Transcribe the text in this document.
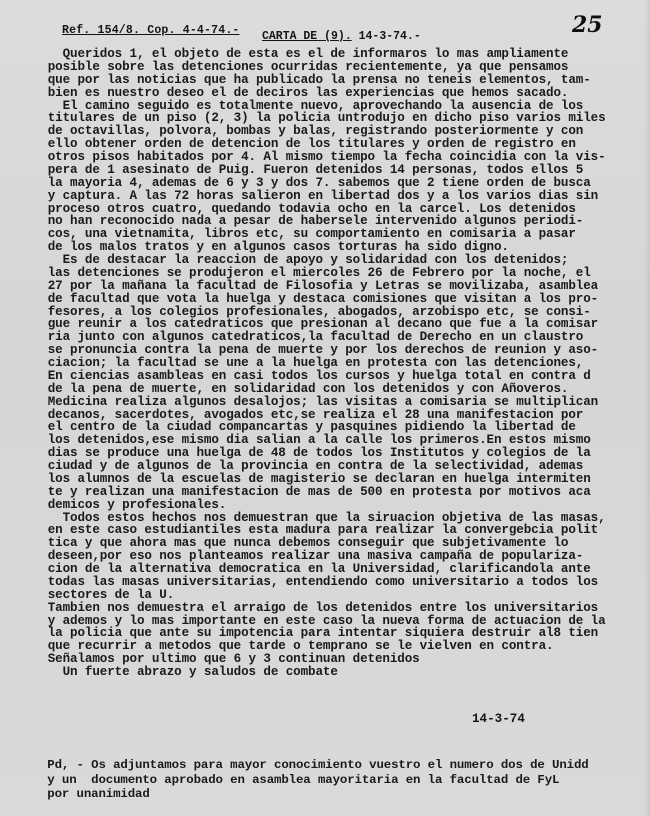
Ref. 154/8. Cop. 4-4-74.- CARTA DE (9). 14-3-74.-	25
Queridos 1, el objeto de esta es el de informaros lo mas ampliamente
posible sobre las detenciones ocurridas recientemente, ya que pensamos
que por las noticias que ha publicado la prensa no teneis elementos, tam-
bien es nuestro deseo el de deciros las experiencias que hemos sacado.
El camino seguido es totalmente nuevo, aprovechando la ausencia de los
titulares de un piso (2, 3) la policia untrodujo en dicho piso varios miles
de octavillas, polvora, bombas y balas, registrando posteriormente y con
ello obtener orden de detencion de los titulares y orden de registro en
otros pisos habitados por 4. Al mismo tiempo la fecha coincidia con la vis-
pera de 1 asesinato de Puig. Fueron detenidos 14 personas, todos ellos 5
la mayoria 4, ademas de 6 y 3 y dos 7. sabemos que 2 tiene orden de busca
y captura. A las 72 horas salieron en libertad dos y a los varios dias sin
proceso otros cuatro, quedando todavia ocho en la carcel. Los detenidos
no han reconocido nada a pesar de habersele intervenido algunos periodi-
cos, una vietnamita, libros etc, su comportamiento en comisaria a pasar
de los malos tratos y en algunos casos torturas ha sido digno.
Es de destacar la reaccion de apoyo y solidaridad con los detenidos;
las detenciones se produjeron el miercoles 26 de Febrero por la noche, el
27 por la mañana la facultad de Filosofia y Letras se movilizaba, asamblea
de facultad que vota la huelga y destaca comisiones que visitan a los pro-
fesores, a los colegios profesionales, abogados, arzobispo etc, se consi-
gue reunir a los catedraticos que presionan al decano que fue a la comisar
ria junto con algunos catedraticos,la facultad de Derecho en un claustro
se pronuncia contra la pena de muerte y por los derechos de reunion y aso-
ciacion; la facultad se une a la huelga en protesta con las detenciones,
En ciencias asambleas en casi todos los cursos y huelga total en contra d
de la pena de muerte, en solidaridad con los detenidos y con Añoveros.
Medicina realiza algunos desalojos; las visitas a comisaria se multiplican
decanos, sacerdotes, avogados etc,se realiza el 28 una manifestacion por
el centro de la ciudad compancartas y pasquines pidiendo la libertad de
los detenidos,ese mismo dia salian a la calle los primeros.En estos mismo
dias se produce una huelga de 48 de todos los Institutos y colegios de la
ciudad y de algunos de la provincia en contra de la selectividad, ademas
los alumnos de la escuelas de magisterio se declaran en huelga intermiten
te y realizan una manifestacion de mas de 500 en protesta por motivos aca
demicos y profesionales.
Todos estos hechos nos demuestran que la siruacion objetiva de las masas,
en este caso estudiantiles esta madura para realizar la convergebcia polit
tica y que ahora mas que nunca debemos conseguir que subjetivamente lo
deseen,por eso nos planteamos realizar una masiva campaña de populariza-
cion de la alternativa democratica en la Universidad, clarificandola ante
todas las masas universitarias, entendiendo como universitario a todos los
sectores de la U.
Tambien nos demuestra el arraigo de los detenidos entre los universitarios
y ademos y lo mas importante en este caso la nueva forma de actuacion de la
la policia que ante su impotencia para intentar siquiera destruir al8 tien
que recurrir a metodos que tarde o temprano se le vielven en contra.
Señalamos por ultimo que 6 y 3 continuan detenidos
Un fuerte abrazo y saludos de combate
14-3-74
Pd, - Os adjuntamos para mayor conocimiento vuestro el numero dos de Unidd
y un  documento aprobado en asamblea mayoritaria en la facultad de FyL
por unanimidad
